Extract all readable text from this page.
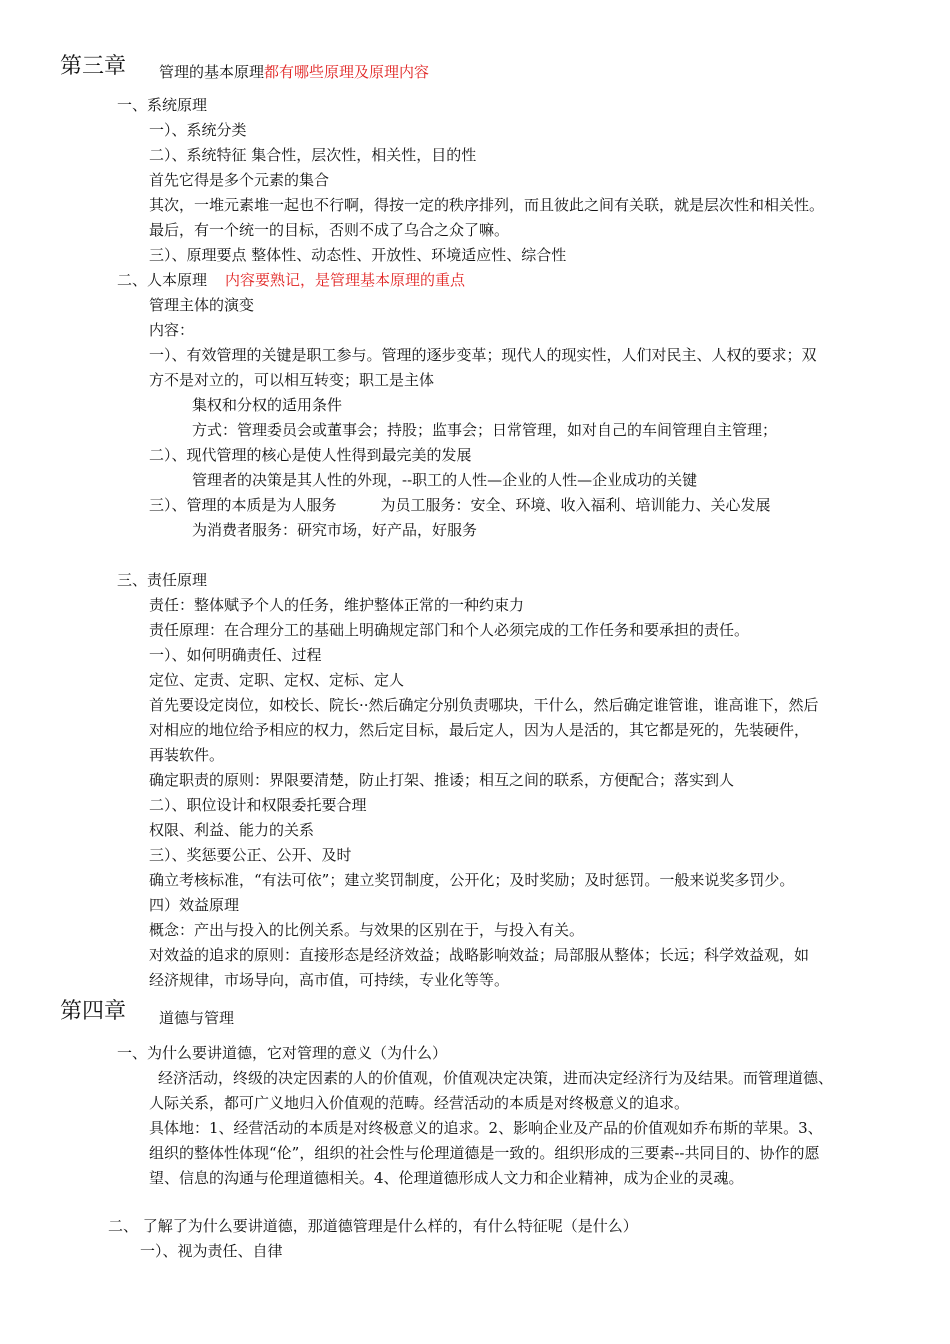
第三章 管理的基本原理都有哪些原理及原理内容
一、系统原理
一）、系统分类
二）、系统特征 集合性，层次性，相关性，目的性
首先它得是多个元素的集合
其次，一堆元素堆一起也不行啊，得按一定的秩序排列，而且彼此之间有关联，就是层次性和相关性。
最后，有一个统一的目标，否则不成了乌合之众了嘛。
三）、原理要点 整体性、动态性、开放性、环境适应性、综合性
二、人本原理 内容要熟记，是管理基本原理的重点
管理主体的演变
内容：
一）、有效管理的关键是职工参与。管理的逐步变革；现代人的现实性，人们对民主、人权的要求；双
方不是对立的，可以相互转变；职工是主体
集权和分权的适用条件
方式：管理委员会或董事会；持股；监事会；日常管理，如对自己的车间管理自主管理；
二）、现代管理的核心是使人性得到最完美的发展
管理者的决策是其人性的外现，--职工的人性—企业的人性—企业成功的关键
三）、管理的本质是为人服务	为员工服务：安全、环境、收入福利、培训能力、关心发展
为消费者服务：研究市场，好产品，好服务
三、责任原理
责任：整体赋予个人的任务，维护整体正常的一种约束力
责任原理：在合理分工的基础上明确规定部门和个人必须完成的工作任务和要承担的责任。
一）、如何明确责任、过程
定位、定责、定职、定权、定标、定人
首先要设定岗位，如校长、院长··然后确定分别负责哪块，干什么，然后确定谁管谁，谁高谁下，然后
对相应的地位给予相应的权力，然后定目标，最后定人，因为人是活的，其它都是死的，先装硬件，
再装软件。
确定职责的原则：界限要清楚，防止打架、推诿；相互之间的联系，方便配合；落实到人
二）、职位设计和权限委托要合理
权限、利益、能力的关系
三）、奖惩要公正、公开、及时
确立考核标准，“有法可依”；建立奖罚制度，公开化；及时奖励；及时惩罚。一般来说奖多罚少。
四）效益原理
概念：产出与投入的比例关系。与效果的区别在于，与投入有关。
对效益的追求的原则：直接形态是经济效益；战略影响效益；局部服从整体；长远；科学效益观，如
经济规律，市场导向，高市值，可持续，专业化等等。
第四章 道德与管理
一、为什么要讲道德，它对管理的意义（为什么）
经济活动，终级的决定因素的人的价值观，价值观决定决策，进而决定经济行为及结果。而管理道德、
人际关系，都可广义地归入价值观的范畴。经营活动的本质是对终极意义的追求。
具体地：1、经营活动的本质是对终极意义的追求。2、影响企业及产品的价值观如乔布斯的苹果。3、
组织的整体性体现“伦”，组织的社会性与伦理道德是一致的。组织形成的三要素--共同目的、协作的愿
望、信息的沟通与伦理道德相关。4、伦理道德形成人文力和企业精神，成为企业的灵魂。
二、 了解了为什么要讲道德，那道德管理是什么样的，有什么特征呢（是什么）
一）、视为责任、自律
